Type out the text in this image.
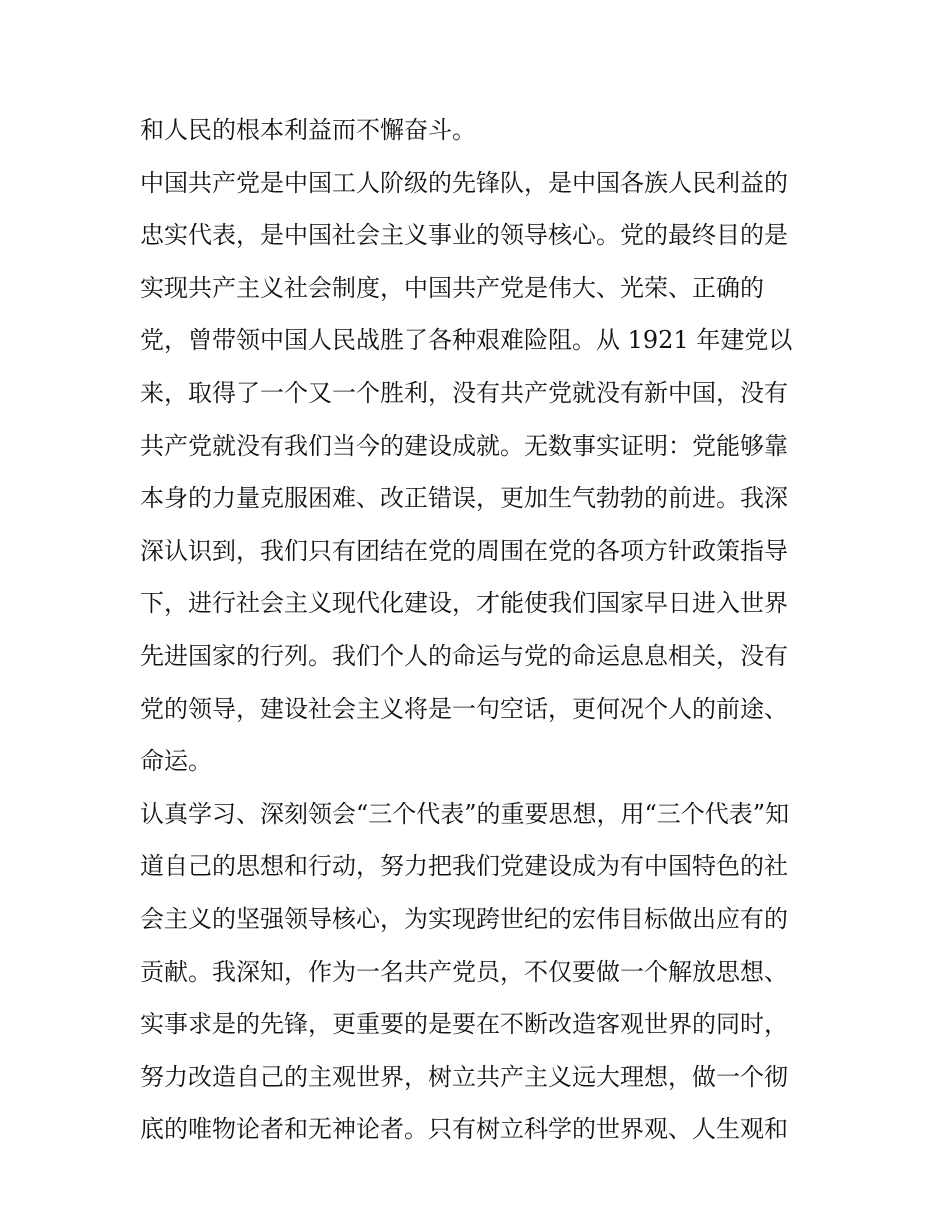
和人民的根本利益而不懈奋斗。
中国共产党是中国工人阶级的先锋队，是中国各族人民利益的
忠实代表，是中国社会主义事业的领导核心。党的最终目的是
实现共产主义社会制度，中国共产党是伟大、光荣、正确的
党，曾带领中国人民战胜了各种艰难险阻。从 1921 年建党以
来，取得了一个又一个胜利，没有共产党就没有新中国，没有
共产党就没有我们当今的建设成就。无数事实证明：党能够靠
本身的力量克服困难、改正错误，更加生气勃勃的前进。我深
深认识到，我们只有团结在党的周围在党的各项方针政策指导
下，进行社会主义现代化建设，才能使我们国家早日进入世界
先进国家的行列。我们个人的命运与党的命运息息相关，没有
党的领导，建设社会主义将是一句空话，更何况个人的前途、
命运。
认真学习、深刻领会“三个代表”的重要思想，用“三个代表”知
道自己的思想和行动，努力把我们党建设成为有中国特色的社
会主义的坚强领导核心，为实现跨世纪的宏伟目标做出应有的
贡献。我深知，作为一名共产党员，不仅要做一个解放思想、
实事求是的先锋，更重要的是要在不断改造客观世界的同时，
努力改造自己的主观世界，树立共产主义远大理想，做一个彻
底的唯物论者和无神论者。只有树立科学的世界观、人生观和
